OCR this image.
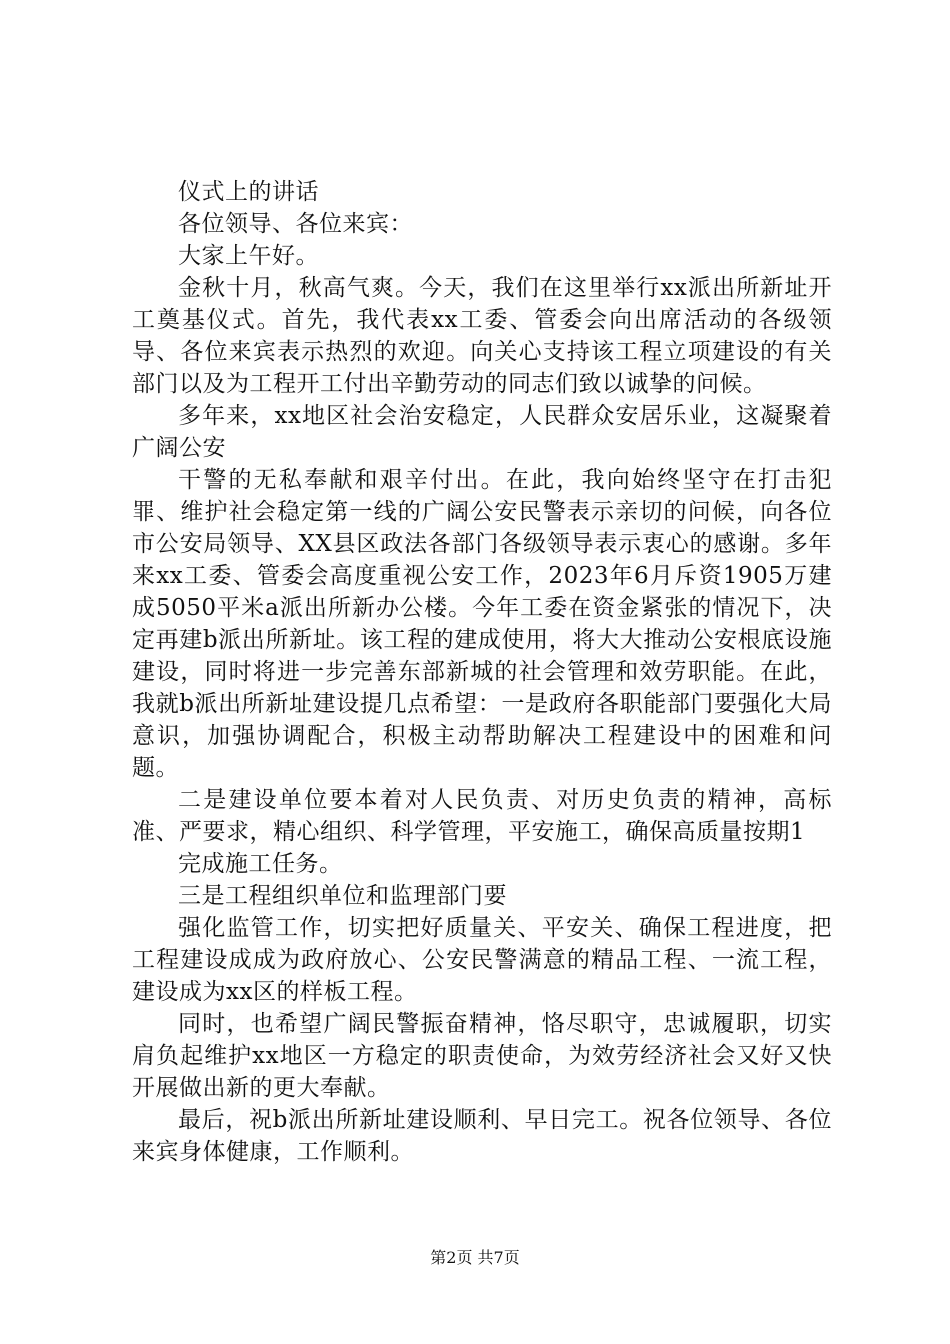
仪式上的讲话

各位领导、各位来宾：

大家上午好。

金秋十月，秋高气爽。今天，我们在这里举行xx派出所新址开工奠基仪式。首先，我代表xx工委、管委会向出席活动的各级领导、各位来宾表示热烈的欢迎。向关心支持该工程立项建设的有关部门以及为工程开工付出辛勤劳动的同志们致以诚挚的问候。

多年来，xx地区社会治安稳定，人民群众安居乐业，这凝聚着广阔公安

干警的无私奉献和艰辛付出。在此，我向始终坚守在打击犯罪、维护社会稳定第一线的广阔公安民警表示亲切的问候，向各位市公安局领导、XX县区政法各部门各级领导表示衷心的感谢。多年来xx工委、管委会高度重视公安工作，2023年6月斥资1905万建成5050平米a派出所新办公楼。今年工委在资金紧张的情况下，决定再建b派出所新址。该工程的建成使用，将大大推动公安根底设施建设，同时将进一步完善东部新城的社会管理和效劳职能。在此，我就b派出所新址建设提几点希望：一是政府各职能部门要强化大局意识，加强协调配合，积极主动帮助解决工程建设中的困难和问题。

二是建设单位要本着对人民负责、对历史负责的精神，高标准、严要求，精心组织、科学管理，平安施工，确保高质量按期1

完成施工任务。

三是工程组织单位和监理部门要

强化监管工作，切实把好质量关、平安关、确保工程进度，把工程建设成成为政府放心、公安民警满意的精品工程、一流工程，建设成为xx区的样板工程。

同时，也希望广阔民警振奋精神，恪尽职守，忠诚履职，切实肩负起维护xx地区一方稳定的职责使命，为效劳经济社会又好又快开展做出新的更大奉献。

最后，祝b派出所新址建设顺利、早日完工。祝各位领导、各位来宾身体健康，工作顺利。

第2页 共7页
